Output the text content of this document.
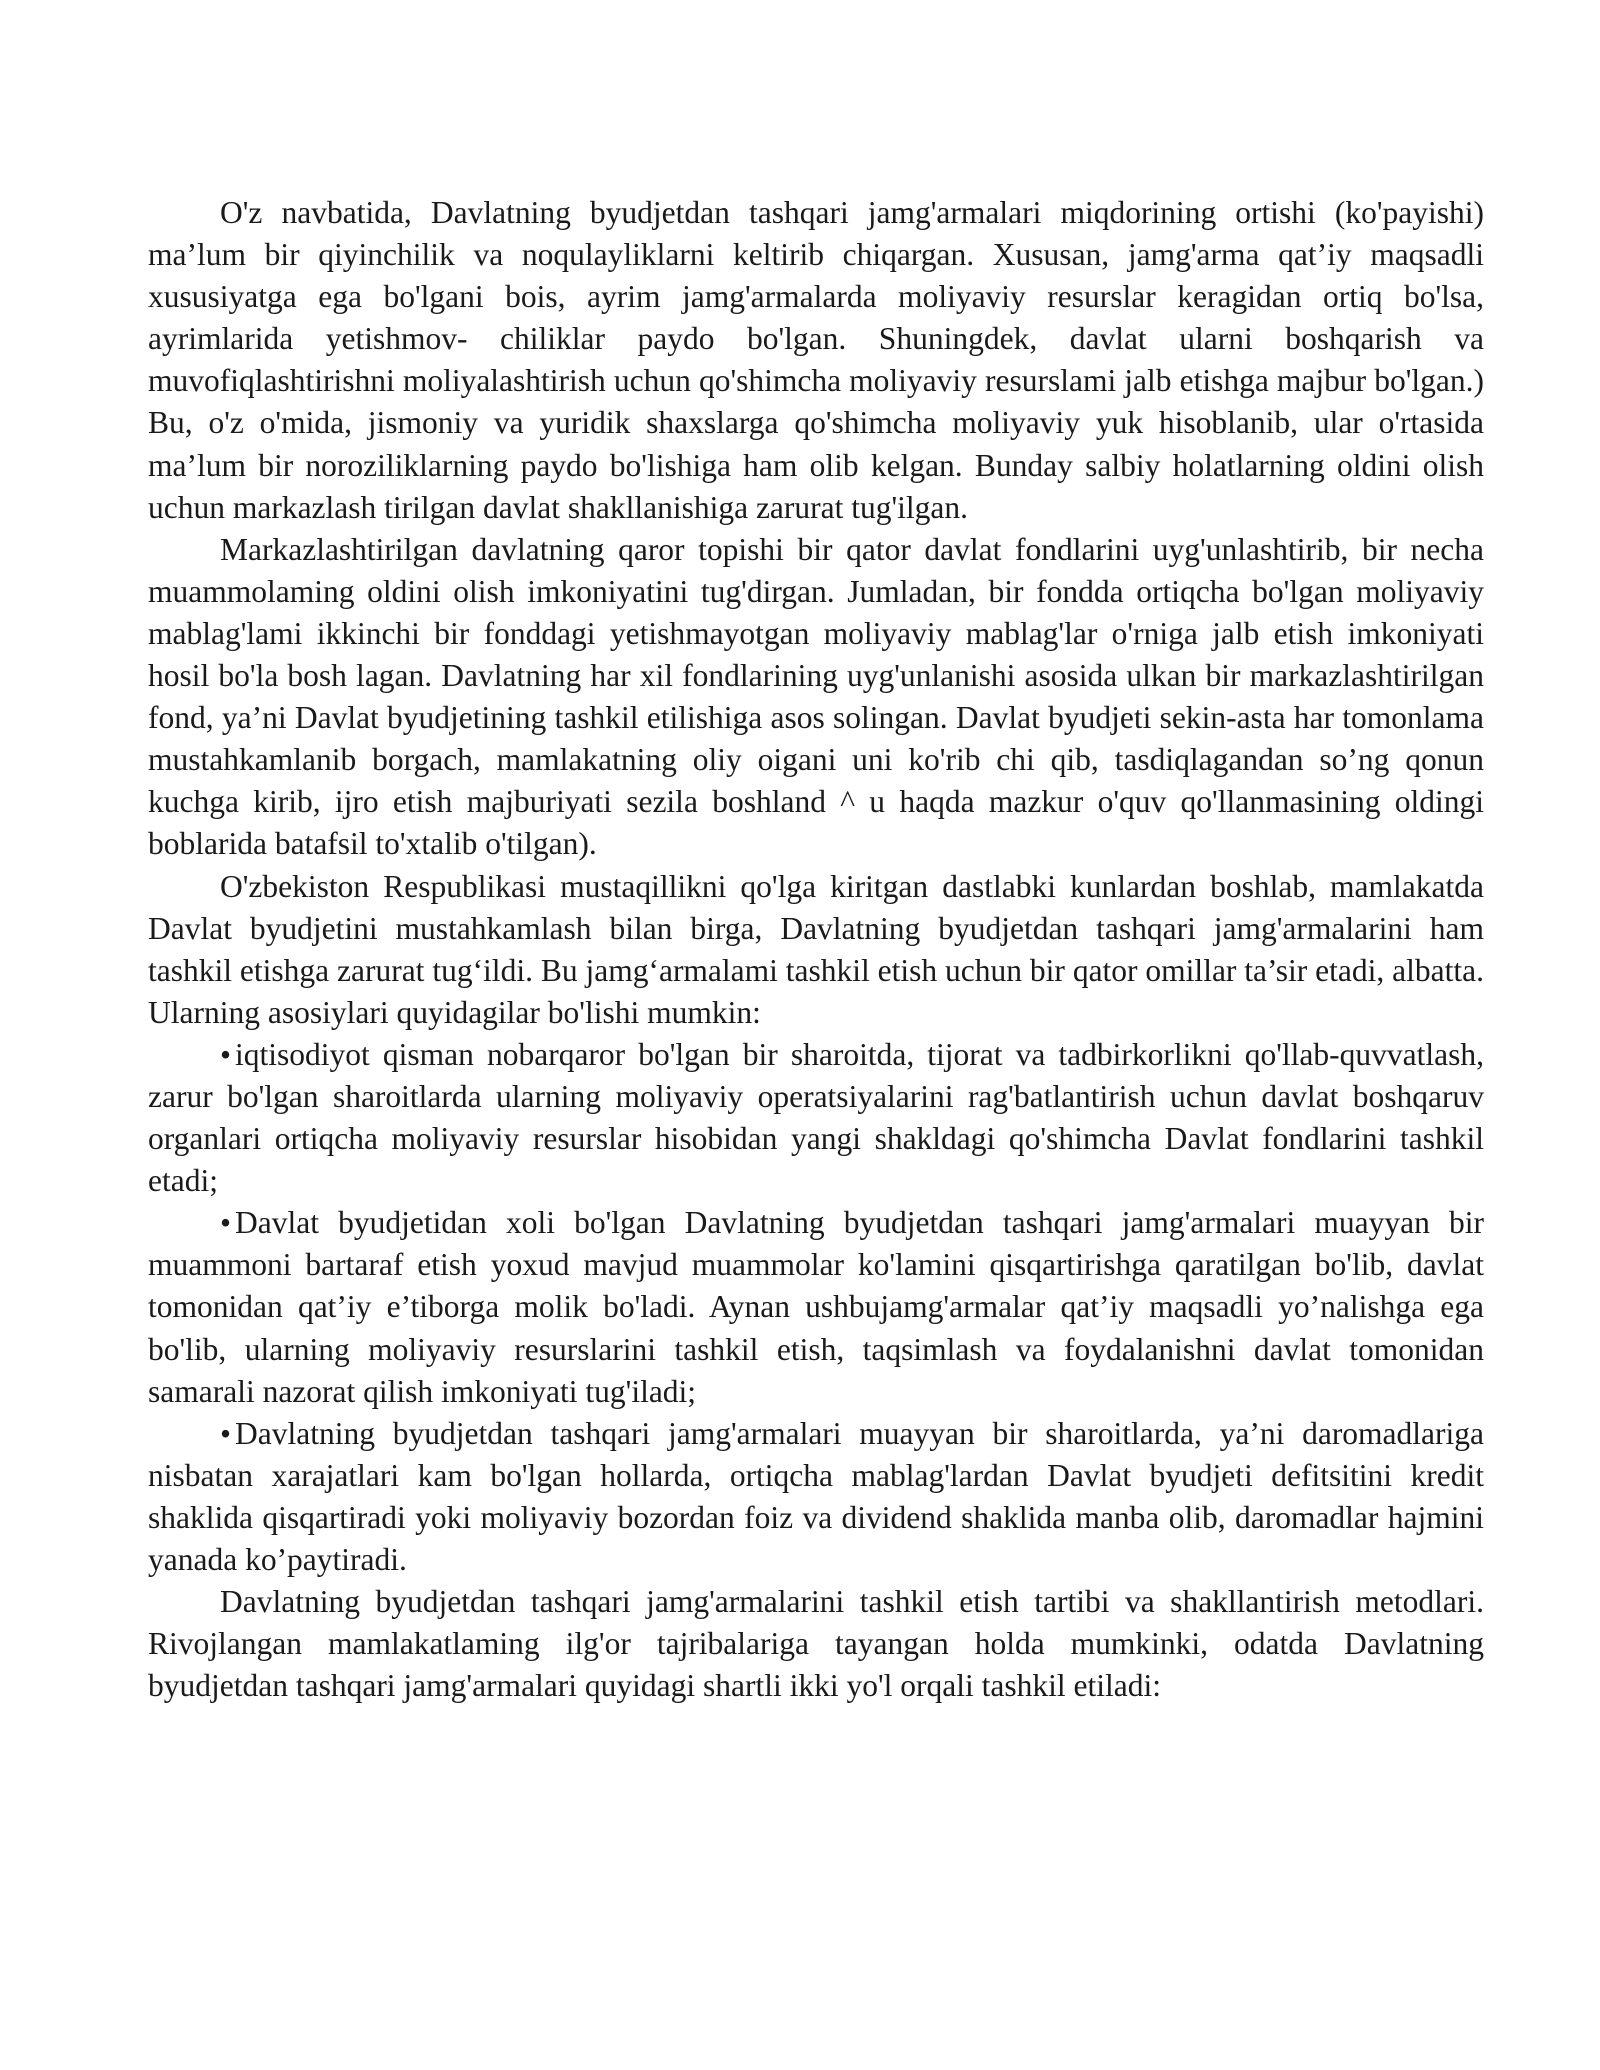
O'z navbatida, Davlatning byudjetdan tashqari jamg'armalari miqdorining ortishi (ko'payishi) ma’lum bir qiyinchilik va noqulayliklarni keltirib chiqargan. Xususan, jamg'arma qat’iy maqsadli xususiyatga ega bo'lgani bois, ayrim jamg'armalarda moliyaviy resurslar keragidan ortiq bo'lsa, ayrimlarida yetishmov- chiliklar paydo bo'lgan. Shuningdek, davlat ularni boshqarish va muvofiqlashtirishni moliyalashtirish uchun qo'shimcha moliyaviy resurslami jalb etishga majbur bo'lgan.) Bu, o'z o'mida, jismoniy va yuridik shaxslarga qo'shimcha moliyaviy yuk hisoblanib, ular o'rtasida ma’lum bir noroziliklarning paydo bo'lishiga ham olib kelgan. Bunday salbiy holatlarning oldini olish uchun markazlash tirilgan davlat shakllanishiga zarurat tug'ilgan.

Markazlashtirilgan davlatning qaror topishi bir qator davlat fondlarini uyg'unlashtirib, bir necha muammolaming oldini olish imkoniyatini tug'dirgan. Jumladan, bir fondda ortiqcha bo'lgan moliyaviy mablag'lami ikkinchi bir fonddagi yetishmayotgan moliyaviy mablag'lar o'rniga jalb etish imkoniyati hosil bo'la bosh lagan. Davlatning har xil fondlarining uyg'unlanishi asosida ulkan bir markazlashtirilgan fond, ya’ni Davlat byudjetining tashkil etilishiga asos solingan. Davlat byudjeti sekin-asta har tomonlama mustahkamlanib borgach, mamlakatning oliy oigani uni ko'rib chi qib, tasdiqlagandan so’ng qonun kuchga kirib, ijro etish majburiyati sezila boshland ^ u haqda mazkur o'quv qo'llanmasining oldingi boblarida batafsil to'xtalib o'tilgan).

O'zbekiston Respublikasi mustaqillikni qo'lga kiritgan dastlabki kunlardan boshlab, mamlakatda Davlat byudjetini mustahkamlash bilan birga, Davlatning byudjetdan tashqari jamg'armalarini ham tashkil etishga zarurat tug‘ildi. Bu jamg‘armalami tashkil etish uchun bir qator omillar ta’sir etadi, albatta. Ularning asosiylari quyidagilar bo'lishi mumkin:

• iqtisodiyot qisman nobarqaror bo'lgan bir sharoitda, tijorat va tadbirkorlikni qo'llab-quvvatlash, zarur bo'lgan sharoitlarda ularning moliyaviy operatsiyalarini rag'batlantirish uchun davlat boshqaruv organlari ortiqcha moliyaviy resurslar hisobidan yangi shakldagi qo'shimcha Davlat fondlarini tashkil etadi;

• Davlat byudjetidan xoli bo'lgan Davlatning byudjetdan tashqari jamg'armalari muayyan bir muammoni bartaraf etish yoxud mavjud muammolar ko'lamini qisqartirishga qaratilgan bo'lib, davlat tomonidan qat’iy e’tiborga molik bo'ladi. Aynan ushbujamg'armalar qat’iy maqsadli yo’nalishga ega bo'lib, ularning moliyaviy resurslarini tashkil etish, taqsimlash va foydalanishni davlat tomonidan samarali nazorat qilish imkoniyati tug'iladi;

• Davlatning byudjetdan tashqari jamg'armalari muayyan bir sharoitlarda, ya’ni daromadlariga nisbatan xarajatlari kam bo'lgan hollarda, ortiqcha mablag'lardan Davlat byudjeti defitsitini kredit shaklida qisqartiradi yoki moliyaviy bozordan foiz va dividend shaklida manba olib, daromadlar hajmini yanada ko’paytiradi.

Davlatning byudjetdan tashqari jamg'armalarini tashkil etish tartibi va shakllantirish metodlari. Rivojlangan mamlakatlaming ilg'or tajribalariga tayangan holda mumkinki, odatda Davlatning byudjetdan tashqari jamg'armalari quyidagi shartli ikki yo'l orqali tashkil etiladi:
